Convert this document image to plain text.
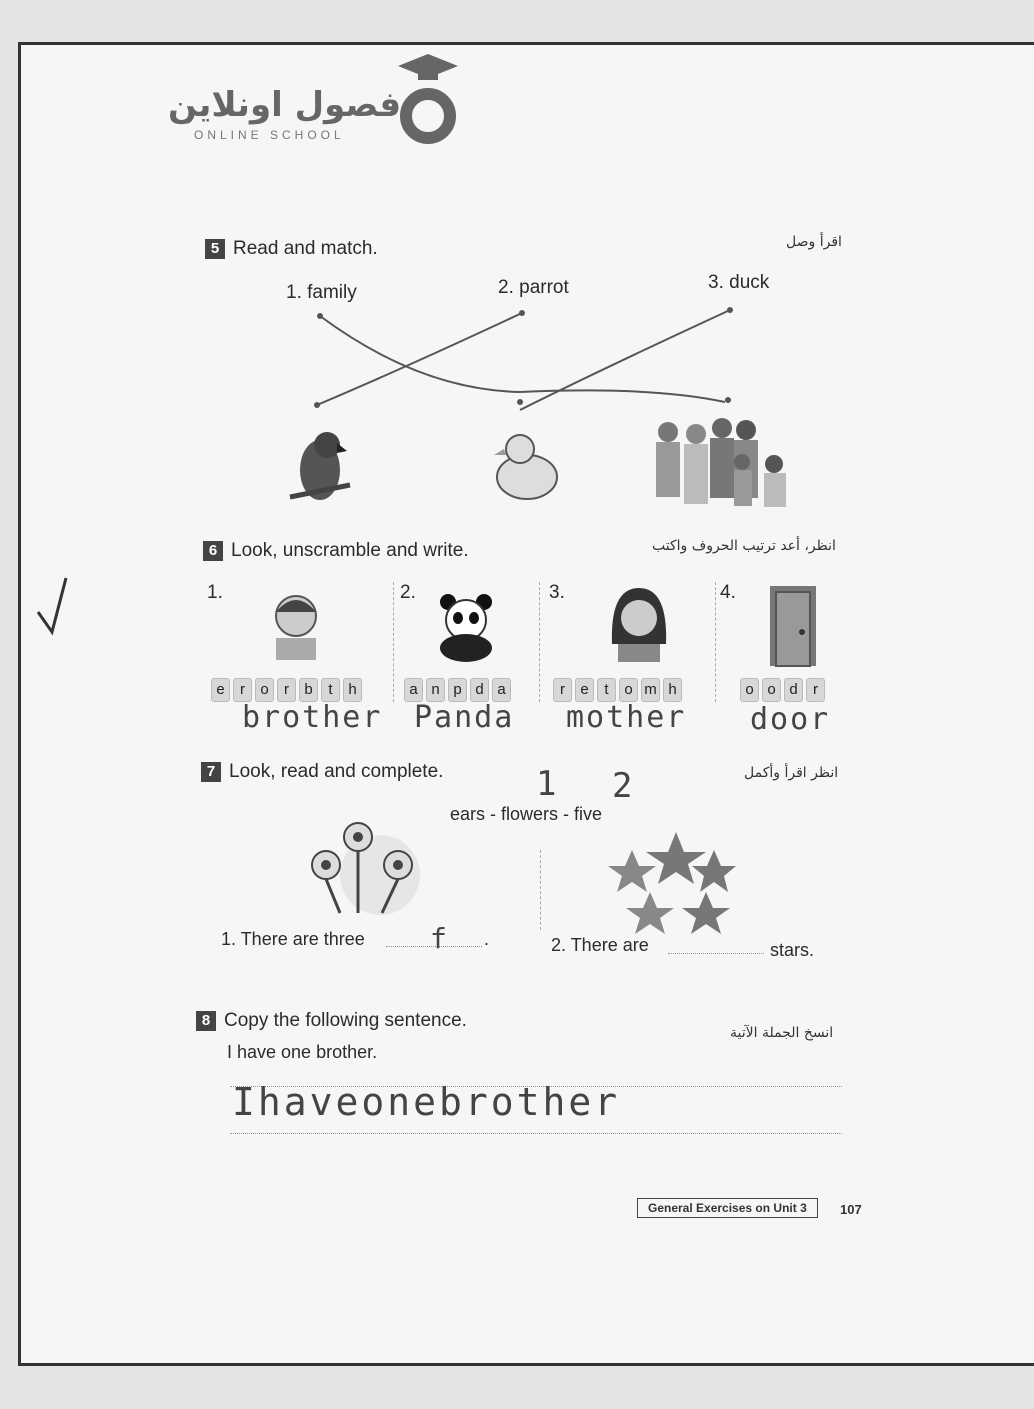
فصول اونلاين
ONLINE SCHOOL
5 Read and match.	اقرأ وصل
1. family	2. parrot	3. duck
6 Look, unscramble and write.	انظر، أعد ترتيب الحروف واكتب
1.	2.	3.	4.
e	r	o	r	b	t	h	a n p d a	r	e	t	o m h	o o d	r
brother Panda mother door
7 Look, read and complete.	انظر اقرأ وأكمل
1 2
ears - flowers - five
1. There are three f .	2. There are	stars.
8 Copy the following sentence.
انسخ الجملة الآتية
I have one brother.
Ihaveonebrother
General Exercises on Unit 3	107
